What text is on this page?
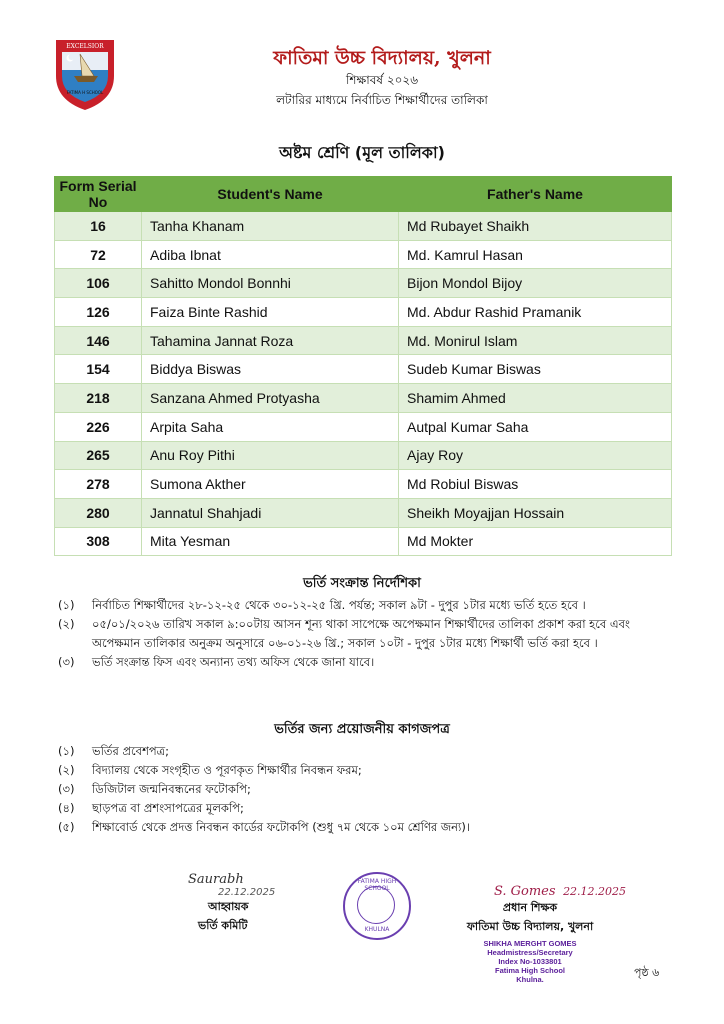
EXCELSIOR
FATIMA H SCHOOL
ফাতিমা উচ্চ বিদ্যালয়, খুলনা
শিক্ষাবর্ষ ২০২৬
লটারির মাধ্যমে নির্বাচিত শিক্ষার্থীদের তালিকা
অষ্টম শ্রেণি (মূল তালিকা)
Form Serial No	Student's Name	Father's Name
16	Tanha Khanam	Md Rubayet Shaikh
72	Adiba Ibnat	Md. Kamrul Hasan
106	Sahitto Mondol Bonnhi	Bijon Mondol Bijoy
126	Faiza Binte Rashid	Md. Abdur Rashid Pramanik
146	Tahamina Jannat Roza	Md. Monirul Islam
154	Biddya Biswas	Sudeb Kumar Biswas
218	Sanzana Ahmed Protyasha	Shamim Ahmed
226	Arpita Saha	Autpal Kumar Saha
265	Anu Roy Pithi	Ajay Roy
278	Sumona Akther	Md Robiul Biswas
280	Jannatul Shahjadi	Sheikh Moyajjan Hossain
308	Mita Yesman	Md Mokter
ভর্তি সংক্রান্ত নির্দেশিকা
(১)	নির্বাচিত শিক্ষার্থীদের ২৮-১২-২৫ থেকে ৩০-১২-২৫ খ্রি. পর্যন্ত; সকাল ৯টা - দুপুর ১টার মধ্যে ভর্তি হতে হবে ।
(২)	০৫/০১/২০২৬ তারিখ সকাল ৯:০০টায় আসন শূন্য থাকা সাপেক্ষে অপেক্ষমান শিক্ষার্থীদের তালিকা প্রকাশ করা হবে এবং অপেক্ষমান তালিকার অনুক্রম অনুসারে ০৬-০১-২৬ খ্রি.; সকাল ১০টা - দুপুর ১টার মধ্যে শিক্ষার্থী ভর্তি করা হবে ।
(৩)	ভর্তি সংক্রান্ত ফিস এবং অন্যান্য তথ্য অফিস থেকে জানা যাবে।
ভর্তির জন্য প্রয়োজনীয় কাগজপত্র
(১)	ভর্তির প্রবেশপত্র;
(২)	বিদ্যালয় থেকে সংগৃহীত ও পূরণকৃত শিক্ষার্থীর নিবন্ধন ফরম;
(৩)	ডিজিটাল জন্মনিবন্ধনের ফটোকপি;
(৪)	ছাড়পত্র বা প্রশংসাপত্রের মূলকপি;
(৫)	শিক্ষাবোর্ড থেকে প্রদত্ত নিবন্ধন কার্ডের ফটোকপি (শুধু ৭ম থেকে ১০ম শ্রেণির জন্য)।
Saurabh
22.12.2025
আহ্বায়ক
ভর্তি কমিটি
FATIMA HIGH SCHOOL
KHULNA
S. Gomes 22.12.2025
প্রধান শিক্ষক
ফাতিমা উচ্চ বিদ্যালয়, খুলনা
SHIKHA MERGHT GOMES
Headmistress/Secretary
Index No-1033801
Fatima High School
Khulna.
পৃষ্ঠ ৬
